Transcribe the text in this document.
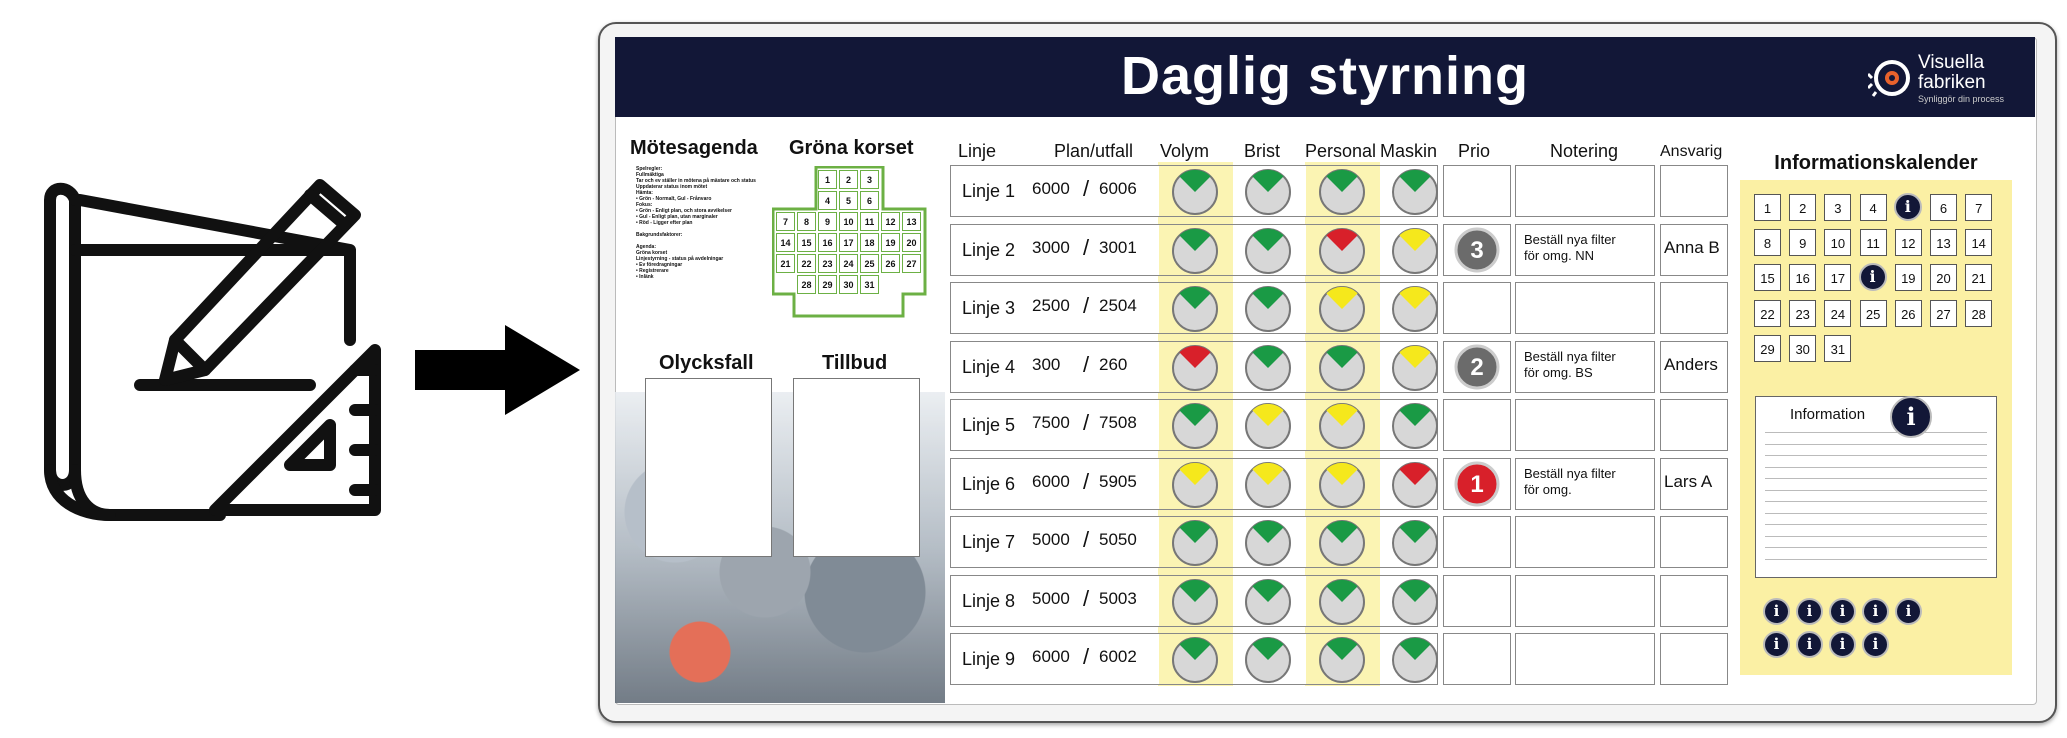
Daglig styrning	Visuella
fabriken
Synliggör din process
Mötesagenda Gröna korset
Spelregler:
Fullmäktiga
Tar och ev ställer in mötena på mästare och status
Uppdaterar status inom mötet
Hämta:
• Grön - Normalt, Gul - Frånvaro
Fokus:
• Grön - Enligt plan, och stora avvikelser
• Gul - Enligt plan, utan marginaler
• Röd - Ligger efter plan

Bakgrundsfaktorer:

Agenda:
Gröna korset
Linjestyrning - status på avdelningar
• Ev föredragningar
• Registrerare
• Inlänk
1	2	3
4	5	6
7	8	9	10	11	12	13
14	15	16	17	18	19	20
21	22	23	24	25	26	27
28	29	30	31
Olycksfall	Tillbud
Linje	Plan/utfall Volym Brist Personal Maskin Prio	Notering	Ansvarig
Linje 1 6000 / 6006
Linje 2 3000 / 3001	3	Beställ nya filter
för omg. NN	Anna B
Linje 3 2500 / 2504
Linje 4 300 / 260	2	Beställ nya filter
för omg. BS	Anders
Linje 5 7500 / 7508
Linje 6 6000 / 5905	1	Beställ nya filter
för omg.	Lars A
Linje 7 5000 / 5050
Linje 8 5000 / 5003
Linje 9 6000 / 6002
Informationskalender
1	2	3	4	i	6	7
8	9	10	11	12	13	14
15	16	17	i	19	20	21
22	23	24	25	26	27	28
29	30	31
Information
i	i	i	i	i
i	i	i	i
i
